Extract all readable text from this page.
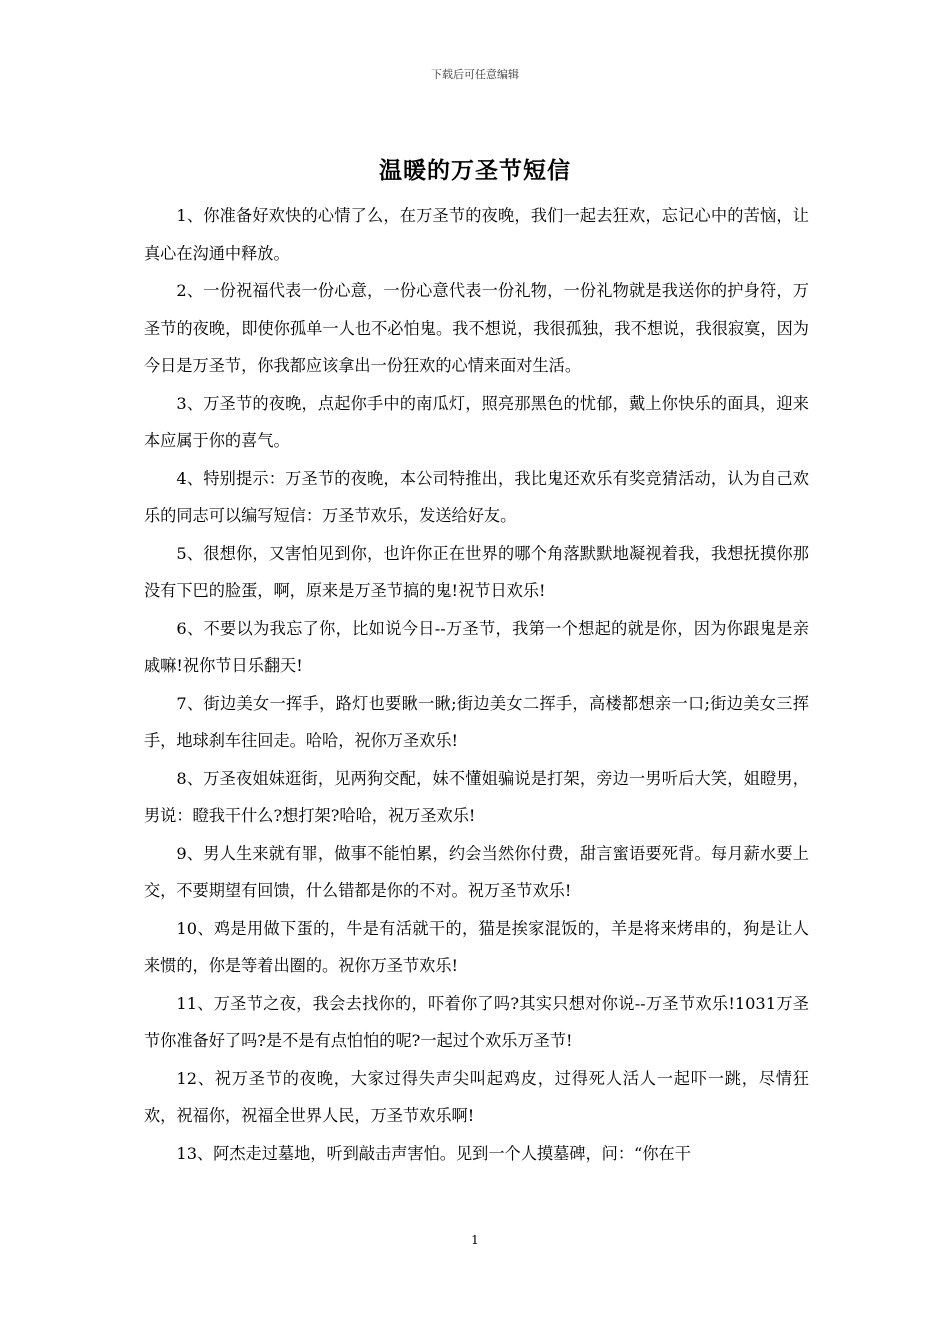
下载后可任意编辑
温暖的万圣节短信

1、你准备好欢快的心情了么，在万圣节的夜晚，我们一起去狂欢，忘记心中的苦恼，让真心在沟通中释放。

2、一份祝福代表一份心意，一份心意代表一份礼物，一份礼物就是我送你的护身符，万圣节的夜晚，即使你孤单一人也不必怕鬼。我不想说，我很孤独，我不想说，我很寂寞，因为今日是万圣节，你我都应该拿出一份狂欢的心情来面对生活。

3、万圣节的夜晚，点起你手中的南瓜灯，照亮那黑色的忧郁，戴上你快乐的面具，迎来本应属于你的喜气。

4、特别提示：万圣节的夜晚，本公司特推出，我比鬼还欢乐有奖竞猜活动，认为自己欢乐的同志可以编写短信：万圣节欢乐，发送给好友。

5、很想你，又害怕见到你，也许你正在世界的哪个角落默默地凝视着我，我想抚摸你那没有下巴的脸蛋，啊，原来是万圣节搞的鬼!祝节日欢乐!

6、不要以为我忘了你，比如说今日--万圣节，我第一个想起的就是你，因为你跟鬼是亲戚嘛!祝你节日乐翻天!

7、街边美女一挥手，路灯也要瞅一瞅;街边美女二挥手，高楼都想亲一口;街边美女三挥手，地球刹车往回走。哈哈，祝你万圣欢乐!

8、万圣夜姐妹逛街，见两狗交配，妹不懂姐骗说是打架，旁边一男听后大笑，姐瞪男，男说：瞪我干什么?想打架?哈哈，祝万圣欢乐!

9、男人生来就有罪，做事不能怕累，约会当然你付费，甜言蜜语要死背。每月薪水要上交，不要期望有回馈，什么错都是你的不对。祝万圣节欢乐!

10、鸡是用做下蛋的，牛是有活就干的，猫是挨家混饭的，羊是将来烤串的，狗是让人来惯的，你是等着出圈的。祝你万圣节欢乐!

11、万圣节之夜，我会去找你的，吓着你了吗?其实只想对你说--万圣节欢乐!1031万圣节你准备好了吗?是不是有点怕怕的呢?一起过个欢乐万圣节!

12、祝万圣节的夜晚，大家过得失声尖叫起鸡皮，过得死人活人一起吓一跳，尽情狂欢，祝福你，祝福全世界人民，万圣节欢乐啊!

13、阿杰走过墓地，听到敲击声害怕。见到一个人摸墓碑，问：“你在干

1
